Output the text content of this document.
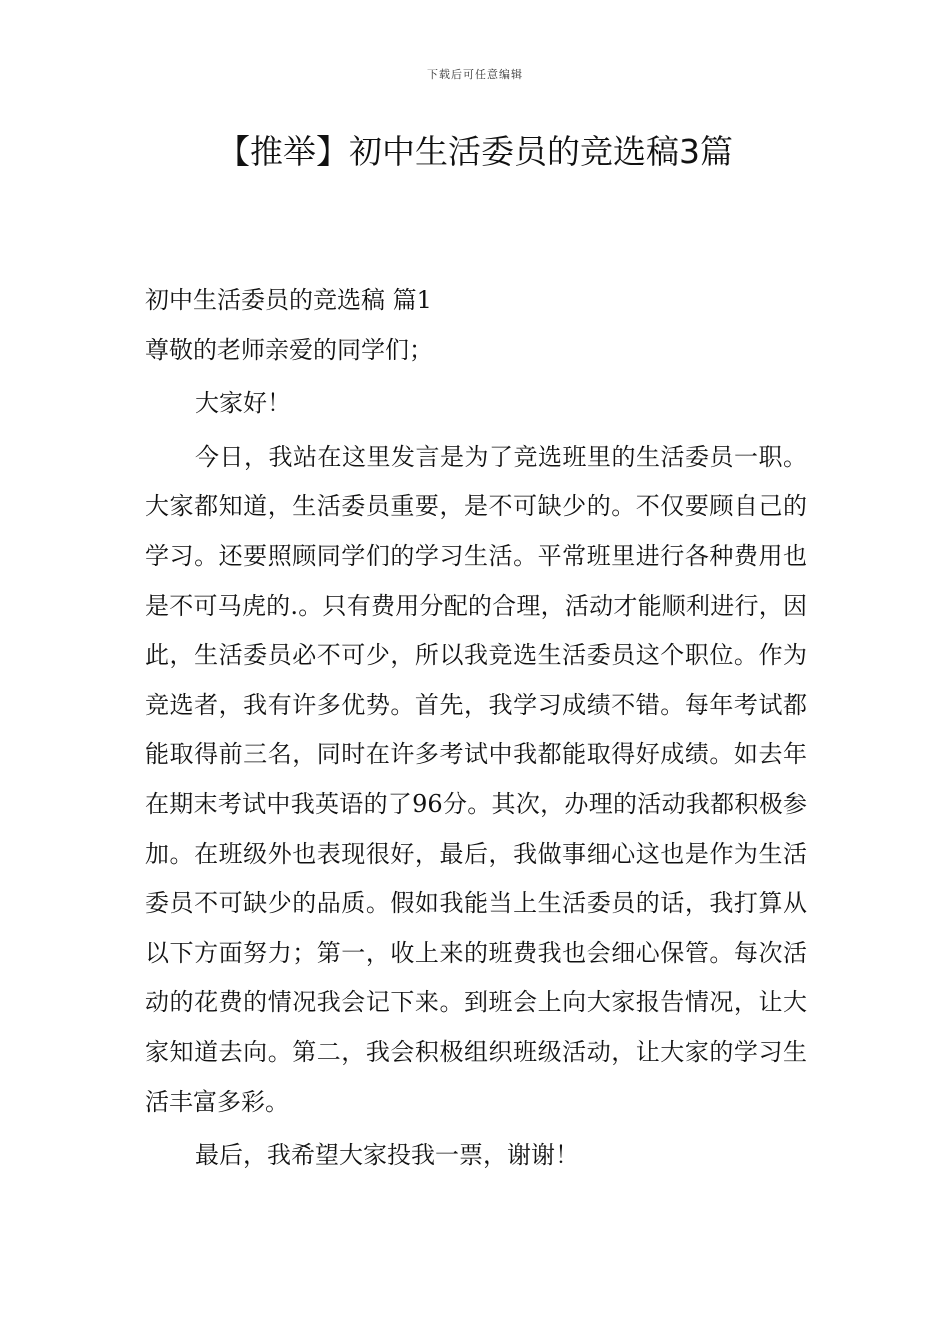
下载后可任意编辑
【推举】初中生活委员的竞选稿3篇

初中生活委员的竞选稿 篇1

尊敬的老师亲爱的同学们；

大家好！

今日，我站在这里发言是为了竞选班里的生活委员一职。大家都知道，生活委员重要，是不可缺少的。不仅要顾自己的学习。还要照顾同学们的学习生活。平常班里进行各种费用也是不可马虎的.。只有费用分配的合理，活动才能顺利进行，因此，生活委员必不可少，所以我竞选生活委员这个职位。作为竞选者，我有许多优势。首先，我学习成绩不错。每年考试都能取得前三名，同时在许多考试中我都能取得好成绩。如去年在期末考试中我英语的了96分。其次，办理的活动我都积极参加。在班级外也表现很好，最后，我做事细心这也是作为生活委员不可缺少的品质。假如我能当上生活委员的话，我打算从以下方面努力；第一，收上来的班费我也会细心保管。每次活动的花费的情况我会记下来。到班会上向大家报告情况，让大家知道去向。第二，我会积极组织班级活动，让大家的学习生活丰富多彩。

最后，我希望大家投我一票，谢谢！
